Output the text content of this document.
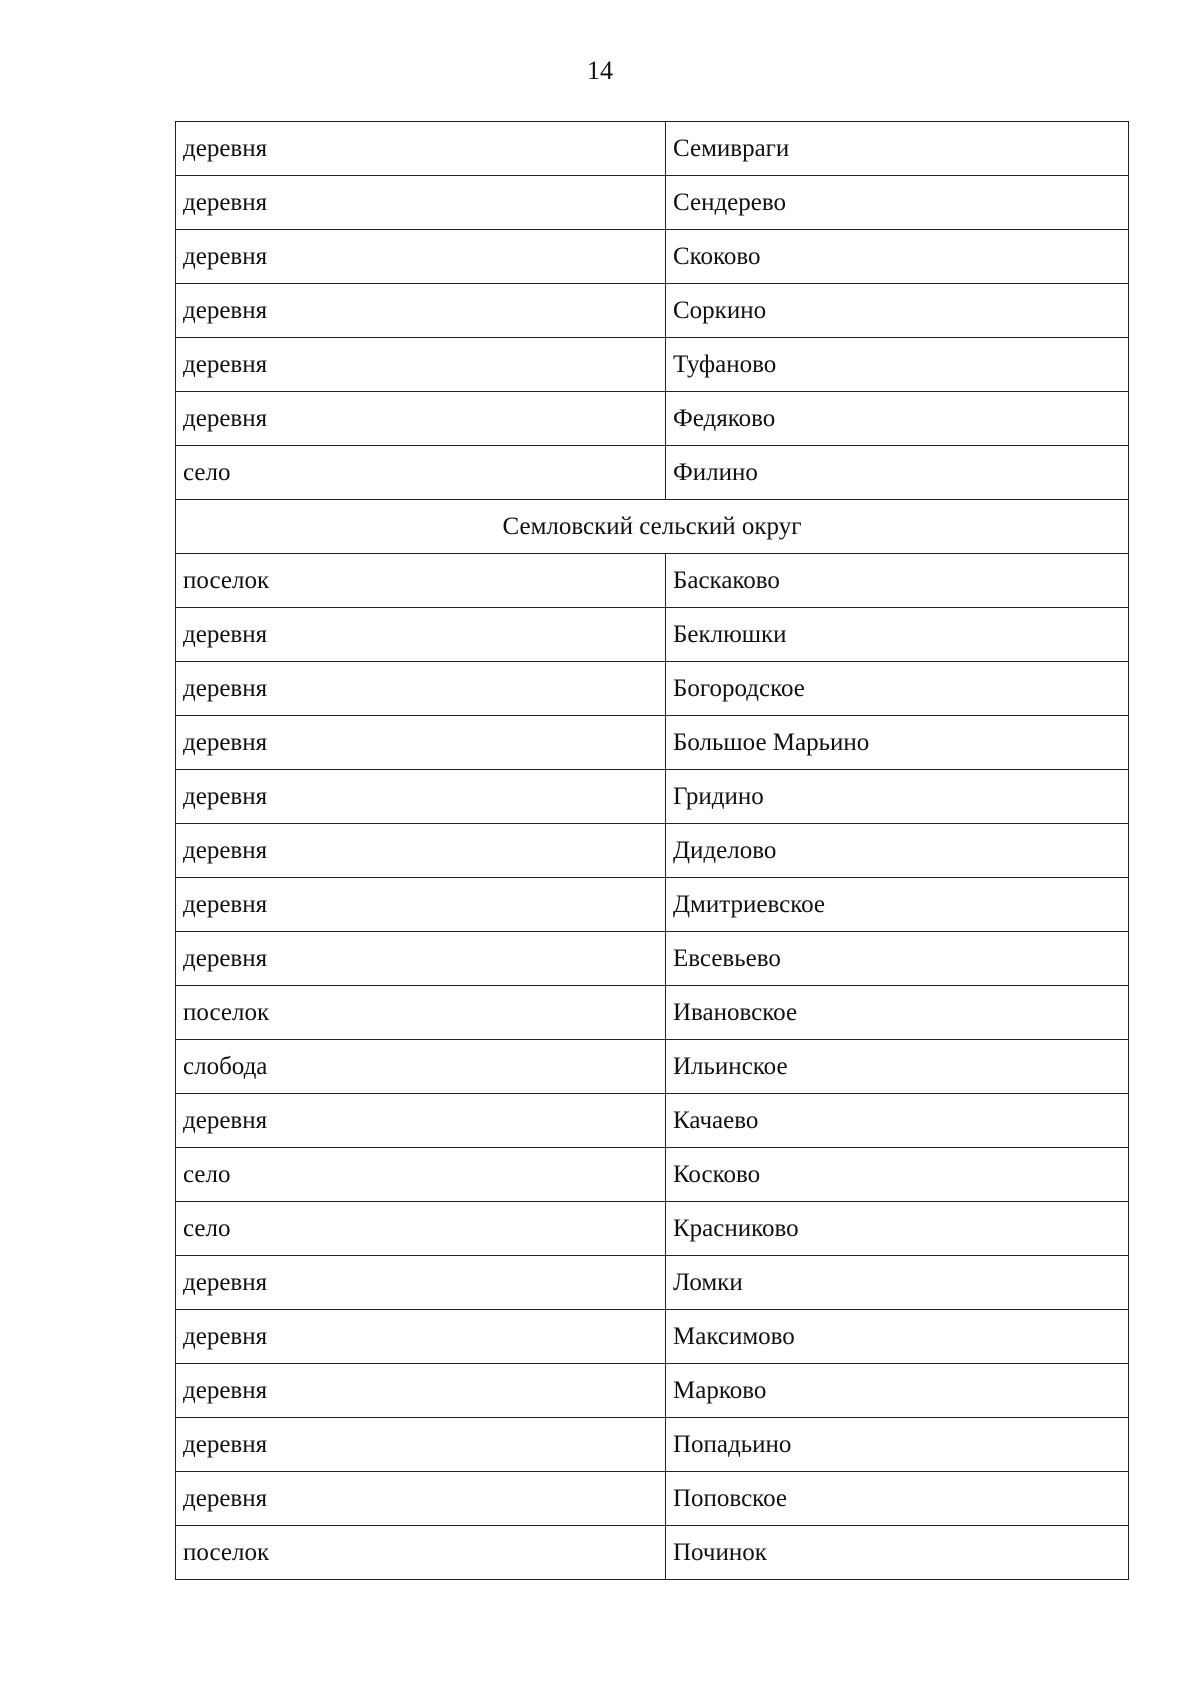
14
деревня	Семивраги
деревня	Сендерево
деревня	Скоково
деревня	Соркино
деревня	Туфаново
деревня	Федяково
село	Филино
Семловский сельский округ	
поселок	Баскаково
деревня	Беклюшки
деревня	Богородское
деревня	Большое Марьино
деревня	Гридино
деревня	Диделово
деревня	Дмитриевское
деревня	Евсевьево
поселок	Ивановское
слобода	Ильинское
деревня	Качаево
село	Косково
село	Красниково
деревня	Ломки
деревня	Максимово
деревня	Марково
деревня	Попадьино
деревня	Поповское
поселок	Починок
